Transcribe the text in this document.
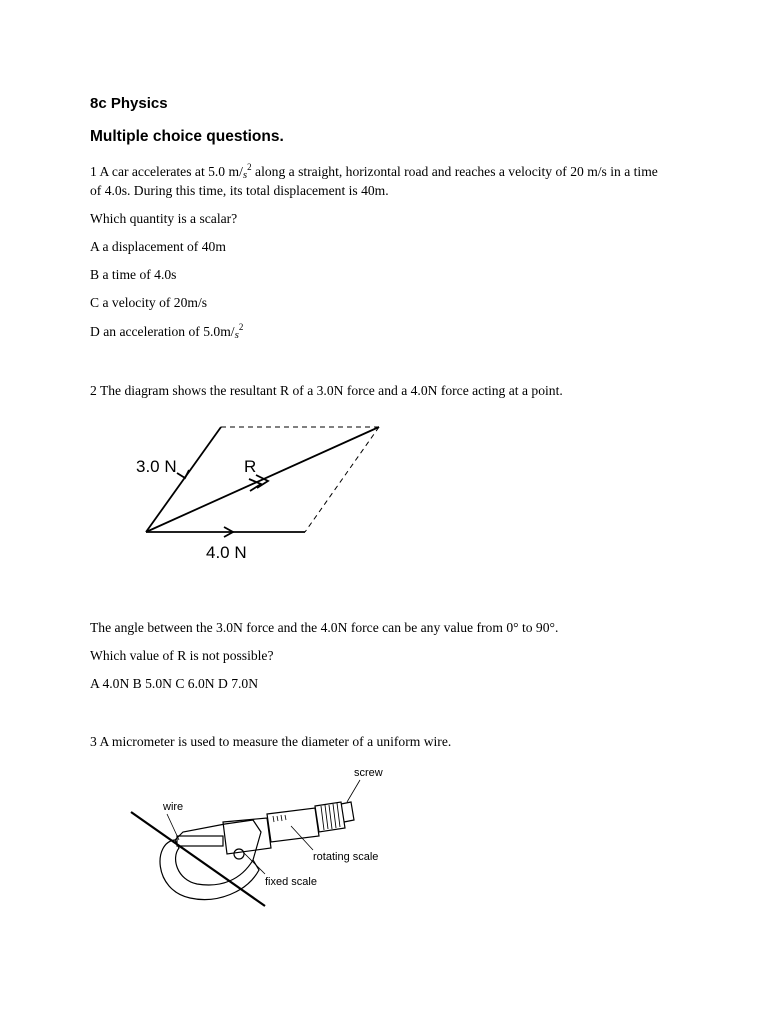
8c Physics
Multiple choice questions.
1 A car accelerates at 5.0 $m/s^2$ along a straight, horizontal road and reaches a velocity of 20 m/s in a time
of 4.0s. During this time, its total displacement is 40m.
Which quantity is a scalar?
A a displacement of 40m
B a time of 4.0s
C a velocity of 20m/s
D an acceleration of $5.0m/s^2$
2 The diagram shows the resultant R of a 3.0N force and a 4.0N force acting at a point.
3.0 N	R
4.0 N
The angle between the 3.0N force and the 4.0N force can be any value from 0° to 90°.
Which value of R is not possible?
A 4.0N B 5.0N C 6.0N D 7.0N
3 A micrometer is used to measure the diameter of a uniform wire.
screw
wire
rotating scale
fixed scale
